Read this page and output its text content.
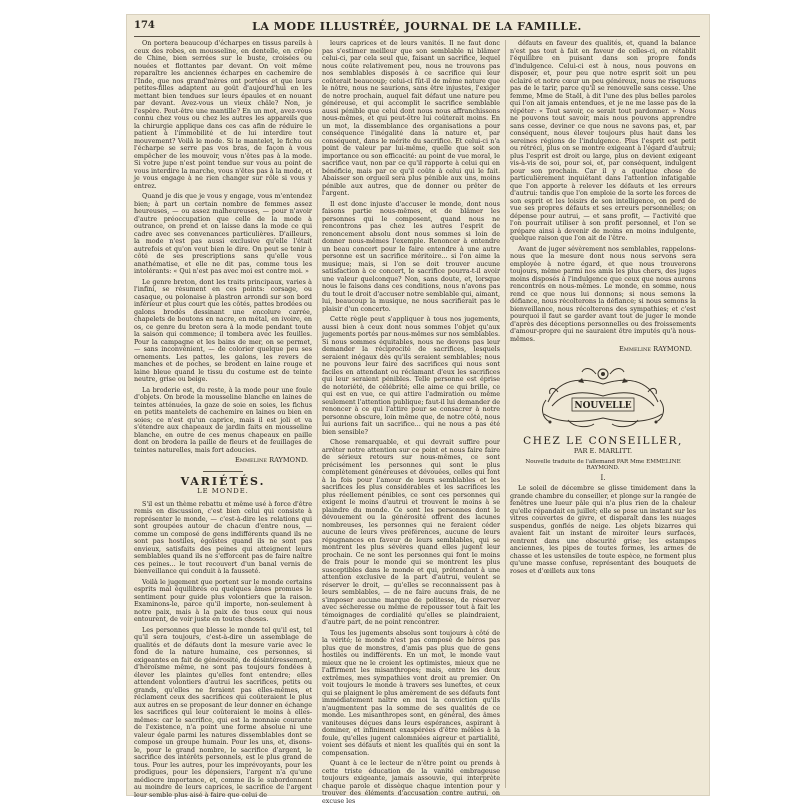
174	LA MODE ILLUSTRÉE, JOURNAL DE LA FAMILLE.

On portera beaucoup d'écharpes en tissus pareils à ceux des robes, en mousseline, en dentelle, en crêpe de Chine, bien serrées sur le buste, croisées ou nouées et flottantes par devant. On voit même reparaître les anciennes écharpes en cachemire de l'Inde, que nos grand'mères ont portées et que leurs petites-filles adaptent au goût d'aujourd'hui en les mettant bien tendues sur leurs épaules et en nouant par devant. Avez-vous un vieux châle? Non, je l'espère. Peut-être une mantille? En un mot, avez-vous connu chez vous ou chez les autres les appareils que la chirurgie applique dans ces cas afin de réduire le patient à l'immobilité et de lui interdire tout mouvement? Voilà le mode. Si le mantelet, le fichu ou l'écharpe se serre pas vos bras, de façon à vous empêcher de les mouvoir, vous n'êtes pas à la mode. Si votre jupe n'est point tendue sur vous au point de vous interdire la marche, vous n'êtes pas à la mode, et je vous engage à ne rien changer sur rôle si vous y entrez.

Quand je dis que je vous y engage, vous m'entendez bien; à part un certain nombre de femmes assez heureuses, — ou assez malheureuses, — pour n'avoir d'autre préoccupation que celle de la mode à outrance, on prend et on laisse dans la mode ce qui cadre avec ses convenances particulières. D'ailleurs, la mode n'est pas aussi exclusive qu'elle l'était autrefois et qu'on veut bien le dire. On peut se tenir à côté de ses prescriptions sans qu'elle vous anathématise, et elle ne dit pas, comme tous les intolérants: « Qui n'est pas avec moi est contre moi. »

Le genre breton, dont les traits principaux, varies à l'infini, se résument en ces points: corsage, ou casaque, ou polonaise à plastron arrondi sur son bord inférieur et plus court que les côtés, pattes brodées ou galons brodés dessinant une encolure carrée, chapelets de boutons en nacre, en métal, en ivoire, en os, ce genre du breton sera à la mode pendant toute la saison qui commence; il tombera avec les feuilles. Pour la campagne et les bains de mer, on se permet, — sans inconvénient, — de colorier quelque peu ses ornements. Les pattes, les galons, les revers de manches et de poches, se brodent en laine rouge et laine bleue quand le tissu du costume est de teinte neutre, grise ou beige.

La broderie est, du reste, à la mode pour une foule d'objets. On brode la mousseline blanche en laines de teintes atténuées, la gaze de soie en soies, les fichus en petits mantelets de cachemire en laines ou bien en soies; ce n'est qu'un caprice, mais il est joli et va s'étendre aux chapeaux de jardin faits en mousseline blanche, en outre de ces menus chapeaux en paille dont on brodera la paille de fleurs et de feuillages de teintes naturelles, mais fort adoucies.

Emmeline RAYMOND.
VARIÉTÉS.
LE MONDE.

S'il est un thème rebattu et même usé à force d'être remis en discussion, c'est bien celui qui consiste à représenter le monde, — c'est-à-dire les relations qui sont groupées autour de chacun d'entre nous, — comme un composé de gens indifférents quand ils ne sont pas hostiles, égoïstes quand ils ne sont pas envieux, satisfaits des peines qui atteignent leurs semblables quand ils ne s'efforcent pas de faire naître ces peines... le tout recouvert d'un banal vernis de bienveillance qui conduit à la fausseté.

Voilà le jugement que portent sur le monde certains esprits mal équilibrés ou quelques âmes promues le sentiment pour guide plus volontiers que la raison. Examinons-le, parce qu'il importe, non-seulement à notre paix, mais à la paix de tous ceux qui nous entourent, de voir juste en toutes choses.

Les personnes que blesse le monde tel qu'il est, tel qu'il sera toujours, c'est-à-dire un assemblage de qualités et de défauts dont la mesure varie avec le fond de la nature humaine, ces personnes, si exigeantes en fait de générosité, de désintéressement, d'héroïsme même, ne sont pas toujours fondées à élever les plaintes qu'elles font entendre; elles attendent volontiers d'autrui les sacrifices, petits ou grands, qu'elles ne feraient pas elles-mêmes, et réclament ceux des sacrifices qui coûteraient le plus aux autres en se proposant de leur donner en échange les sacrifices qui leur coûteraient le moins à elles-mêmes: car le sacrifice, qui est la monnaie courante de l'existence, n'a point une forme absolue ni une valeur égale parmi les natures dissemblables dont se compose un groupe humain. Pour les uns, et, disons-le, pour le grand nombre, le sacrifice d'argent, le sacrifice des intérêts personnels, est le plus grand de tous. Pour les autres, pour les imprévoyants, pour les prodigues, pour les dépensiers, l'argent n'a qu'une médiocre importance, et, comme ils le subordonnent au moindre de leurs caprices, le sacrifice de l'argent leur semble plus aisé à faire que celui de

leurs caprices et de leurs vanités. Il ne faut donc pas s'estimer meilleur que son semblable ni blâmer celui-ci, par cela seul que, faisant un sacrifice, lequel nous coûte relativement peu, nous ne trouvons pas nos semblables disposés à ce sacrifice qui leur coûterait beaucoup; celui-ci fût-il de même nature que le nôtre, nous ne saurions, sans être injustes, l'exiger de notre prochain, auquel fait défaut une nature peu généreuse, et qui accomplit le sacrifice semblable aussi pénible que celui dont nous nous affranchissons nous-mêmes, et qui peut-être lui coûterait moins. En un mot, la dissemblance des organisations a pour conséquence l'inégalité dans la nature et, par conséquent, dans le mérite du sacrifice. Et celui-ci n'a point de valeur par lui-même, quelle que soit son importance ou son efficacité: au point de vue moral, le sacrifice vaut, non par ce qu'il rapporte à celui qui en bénéficie, mais par ce qu'il coûte à celui qui le fait. Abaisser son orgueil sera plus pénible aux uns, moins pénible aux autres, que de donner ou prêter de l'argent.

Il est donc injuste d'accuser le monde, dont nous faisons partie nous-mêmes, et de blâmer les personnes qui le composent, quand nous ne rencontrons pas chez les autres l'esprit de renoncement absolu dont nous sommes si loin de donner nous-mêmes l'exemple. Renoncer à entendre un beau concert pour le faire entendre à une autre personne est un sacrifice méritoire... si l'on aime la musique; mais, si l'on se doit trouver aucune satisfaction à ce concert, le sacrifice pourra-t-il avoir une valeur quelconque? Non, sans doute, et, lorsque nous le faisons dans ces conditions, nous n'avons pas du tout le droit d'accuser notre semblable qui, aimant, lui, beaucoup la musique, ne nous sacrifierait pas le plaisir d'un concerto.

Cette règle peut s'appliquer à tous nos jugements, aussi bien à ceux dont nous sommes l'objet qu'aux jugements portés par nous-mêmes sur nos semblables. Si nous sommes équitables, nous ne devons pas leur demander la réciprocité de sacrifices, lesquels seraient inégaux dès qu'ils seraient semblables; nous ne pouvons leur faire des sacrifices qui nous sont faciles en attendant ou réclamant d'eux les sacrifices qui leur seraient pénibles. Telle personne est éprise de notoriété, de célébrité; elle aime ce qui brille, ce qui est en vue, ce qui attire l'admiration ou même seulement l'attention publique; faut-il lui demander de renoncer à ce qui l'attire pour se consacrer à notre personne obscure, loin même que, de notre côté, nous lui aurions fait un sacrifice... qui ne nous a pas été bien sensible?

Chose remarquable, et qui devrait suffire pour arrêter notre attention sur ce point et nous faire faire de sérieux retours sur nous-mêmes, ce sont précisément les personnes qui sont le plus complètement généreuses et dévouées, celles qui font à la fois pour l'amour de leurs semblables et les sacrifices les plus considérables et les sacrifices les plus réellement pénibles, ce sont ces personnes qui exigent le moins d'autrui et trouvent le moins à se plaindre du monde. Ce sont les personnes dont le dévouement ou la générosité offrent des lacunes nombreuses, les personnes qui ne feraient céder aucune de leurs vives préférences, aucune de leurs répugnances en faveur de leurs semblables, qui se montrent les plus sévères quand elles jugent leur prochain. Ce ne sont les personnes qui font le moins de frais pour le monde qui se montrent les plus susceptibles dans le monde et qui, prétendant à une attention exclusive de la part d'autrui, veulent se réserver le droit, — qu'elles se reconnaissent pas à leurs semblables, — de ne faire aucuns frais, de ne s'imposer aucune marque de politesse, de réserver avec sécheresse ou même de repousser tout à fait les témoignages de cordialité qu'elles se plaindraient, d'autre part, de ne point rencontrer.

Tous les jugements absolus sont toujours à côté de la vérité; le monde n'est pas composé de héros pas plus que de monstres, d'amis pas plus que de gens hostiles ou indifférents. En un mot, le monde vaut mieux que ne le croient les optimistes, mieux que ne l'affirment les misanthropes; mais, entre les deux extrêmes, mes sympathies vont droit au premier. On voit toujours le monde à travers ses lunettes, et ceux qui se plaignent le plus amèrement de ses défauts font immédiatement naître en moi la conviction qu'ils n'augmentent pas la somme de ses qualités de ce monde. Les misanthropes sont, en général, des âmes vaniteuses déçues dans leurs espérances, aspirant à dominer, et infiniment exaspérées d'être mêlées à la foule, qu'elles jugent calomniées aigreur et partialité, voient ses défauts et nient les qualités qui en sont la compensation.

Quant à ce le lecteur de n'être point ou prends à cette triste éducation de la vanité embrageuse toujours exigeante, jamais assouvie, qui interprète chaque parole et dissèque chaque intention pour y trouver des éléments d'accusation contre autrui, on excuse les

défauts en faveur des qualités, et, quand la balance n'est pas tout à fait en faveur de celles-ci, on rétablit l'équilibre en puisant dans son propre fonds d'indulgence. Celui-ci est à nous, nous pouvons en disposer, et, pour peu que notre esprit soit un peu éclairé et notre cœur un peu généreux, nous ne risquons pas de le tarir, parce qu'il se renouvelle sans cesse. Une femme, Mme de Staël, à dit l'une des plus belles paroles qui l'on ait jamais entendues, et je ne me lasse pas de la répéter: « Tout savoir, ce serait tout pardonner. » Nous ne pouvons tout savoir, mais nous pouvons apprendre sans cesse, deviner ce que nous ne savons pas, et, par conséquent, nous élever toujours plus haut dans les sereines régions de l'indulgence. Plus l'esprit est petit ou rétréci, plus on se montre exigeant à l'égard d'autrui; plus l'esprit est droit ou large, plus on devient exigeant vis-à-vis de soi, pour soi, et, par conséquent, indulgent pour son prochain. Car il y a quelque chose de particulièrement inquiétant dans l'attention infatigable que l'on apporte à relever les défauts et les erreurs d'autrui: tandis que l'on emploie de la sorte les forces de son esprit et les loisirs de son intelligence, on perd de vue ses propres défauts et ses erreurs personnelles; on dépense pour autrui, — et sans profit, — l'activité que l'on pourrait utiliser à son profit personnel, et l'on se prépare ainsi à devenir de moins en moins indulgente, quelque raison que l'on ait de l'être.

Avant de juger sévèrement nos semblables, rappelons-nous que la mesure dont nous nous servons sera employée à notre égard, et que nous trouverons toujours, même parmi nos amis les plus chers, des juges moins disposés à l'indulgence que ceux que nous aurons rencontrés en nous-mêmes. Le monde, en somme, nous rend ce que nous lui donnons; si nous semons la défiance, nous récolterons la défiance; si nous semons la bienveillance, nous récolterons des sympathies; et c'est pourquoi il faut se garder avant tout de juger le monde d'après des déceptions personnelles ou des froissements d'amour-propre qui ne sauraient être imputés qu'à nous-mêmes.

Emmeline RAYMOND.
NOUVELLE
CHEZ LE CONSEILLER,
PAR E. MARLITT.
Nouvelle traduite de l'allemand PAR Mme EMMELINE RAYMOND.
I.

Le soleil de décembre se glisse timidement dans la grande chambre du conseiller, et plonge sur la rangée de fenêtres une lueur pâle qui n'a plus rien de la chaleur qu'elle répandait en juillet; elle se pose un instant sur les vitres couvertes de givre, et disparaît dans les nuages suspendus, gonflés de neige. Les objets bizarres qui avaient fait un instant de miroiter leurs surfaces, rentrent dans une obscurité grise; les estampes anciennes, les pipes de toutes formes, les armes de chasse et les ustensiles de toute espèce, ne forment plus qu'une masse confuse, représentant des bouquets de roses et d'œillets aux tons
